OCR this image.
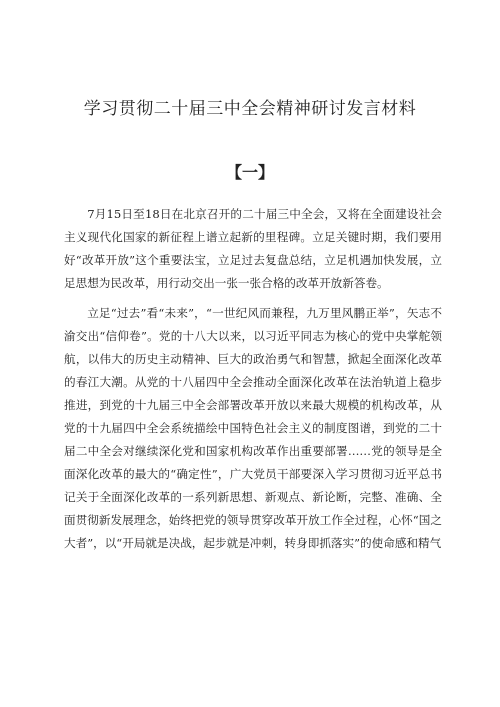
学习贯彻二十届三中全会精神研讨发言材料
【一】

7月15日至18日在北京召开的二十届三中全会，又将在全面建设社会主义现代化国家的新征程上谱立起新的里程碑。立足关键时期，我们要用好“改革开放”这个重要法宝，立足过去复盘总结，立足机遇加快发展，立足思想为民改革，用行动交出一张一张合格的改革开放新答卷。

立足“过去”看“未来”，“一世纪风而兼程，九万里风鹏正举”，矢志不渝交出“信仰卷”。党的十八大以来，以习近平同志为核心的党中央掌舵领航，以伟大的历史主动精神、巨大的政治勇气和智慧，掀起全面深化改革的春江大潮。从党的十八届四中全会推动全面深化改革在法治轨道上稳步推进，到党的十九届三中全会部署改革开放以来最大规模的机构改革，从党的十九届四中全会系统描绘中国特色社会主义的制度图谱，到党的二十届二中全会对继续深化党和国家机构改革作出重要部署……党的领导是全面深化改革的最大的“确定性”，广大党员干部要深入学习贯彻习近平总书记关于全面深化改革的一系列新思想、新观点、新论断，完整、准确、全面贯彻新发展理念，始终把党的领导贯穿改革开放工作全过程，心怀“国之大者”，以“开局就是决战，起步就是冲刺，转身即抓落实”的使命感和精气
